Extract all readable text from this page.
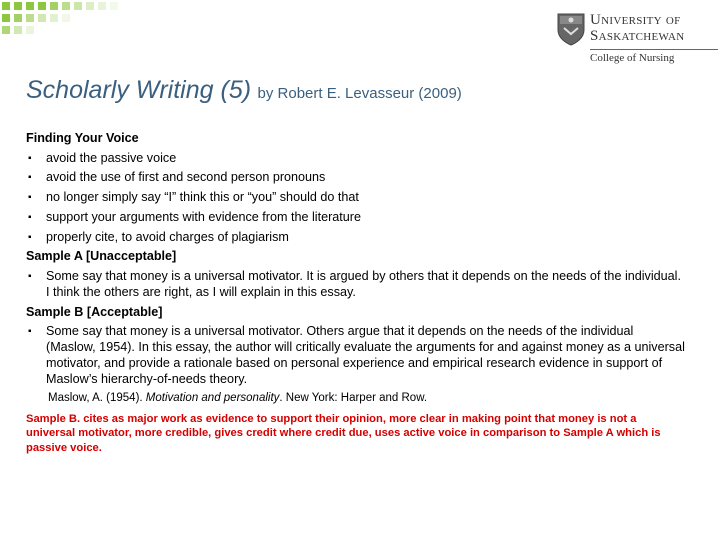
University of
Saskatchewan
College of Nursing
Scholarly Writing (5) by Robert E. Levasseur (2009)
Finding Your Voice
▪ avoid the passive voice
▪ avoid the use of first and second person pronouns
▪ no longer simply say “I” think this or “you” should do that
▪ support your arguments with evidence from the literature
▪ properly cite, to avoid charges of plagiarism
Sample A [Unacceptable]
▪ Some say that money is a universal motivator. It is argued by others that it depends on the needs of the individual. I think the others are right, as I will explain in this essay.
Sample B [Acceptable]
▪ Some say that money is a universal motivator. Others argue that it depends on the needs of the individual (Maslow, 1954). In this essay, the author will critically evaluate the arguments for and against money as a universal motivator, and provide a rationale based on personal experience and empirical research evidence in support of Maslow’s hierarchy-of-needs theory.
Maslow, A. (1954). Motivation and personality. New York: Harper and Row.
Sample B. cites as major work as evidence to support their opinion, more clear in making point that money is not a universal motivator, more credible, gives credit where credit due, uses active voice in comparison to Sample A which is passive voice.
